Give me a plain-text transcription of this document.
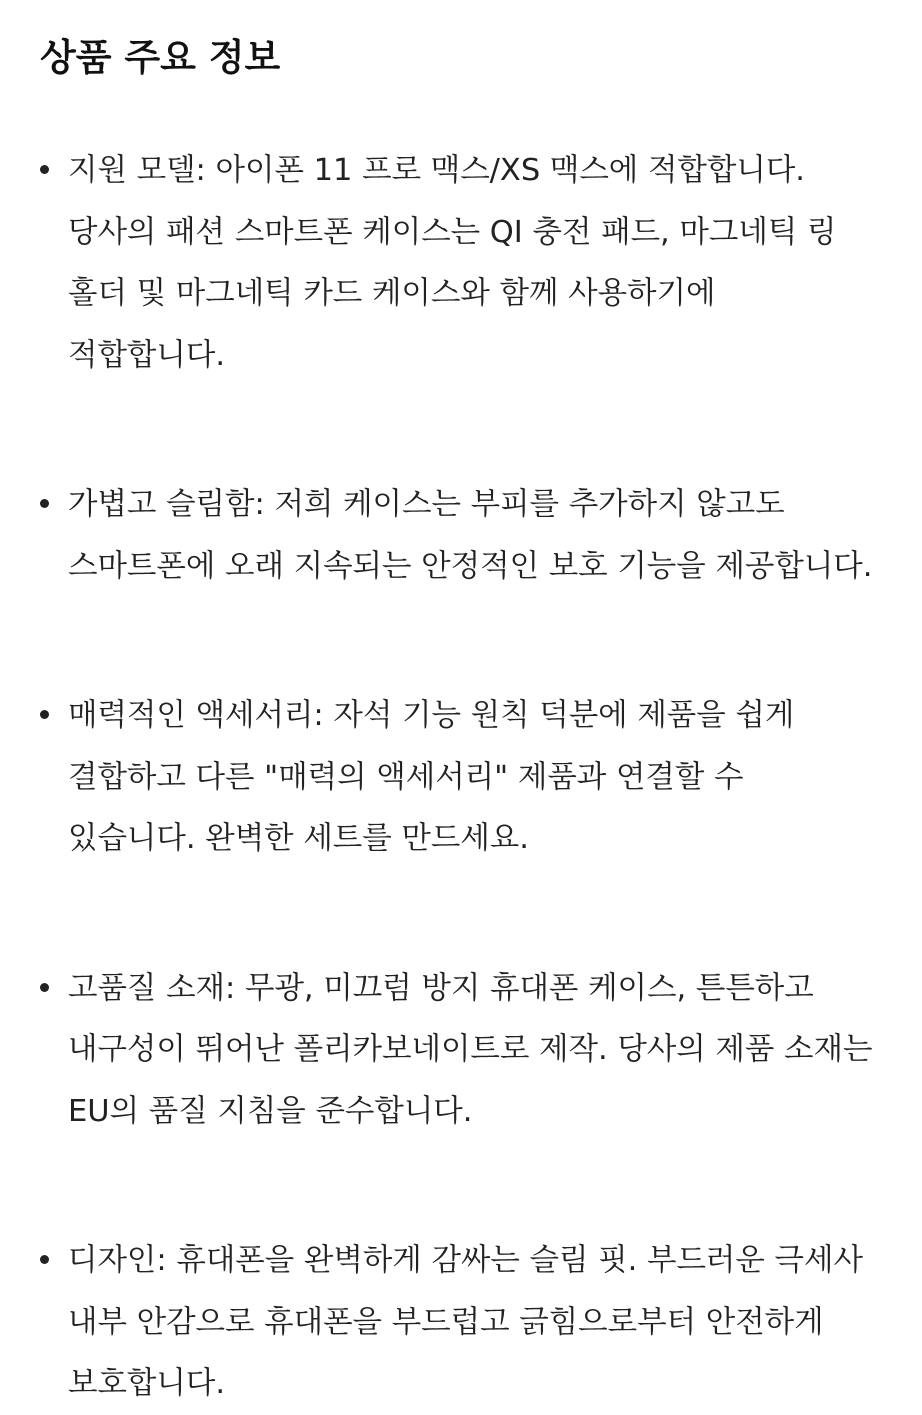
상품 주요 정보
지원 모델: 아이폰 11 프로 맥스/XS 맥스에 적합합니다. 당사의 패션 스마트폰 케이스는 QI 충전 패드, 마그네틱 링 홀더 및 마그네틱 카드 케이스와 함께 사용하기에 적합합니다.
가볍고 슬림함: 저희 케이스는 부피를 추가하지 않고도 스마트폰에 오래 지속되는 안정적인 보호 기능을 제공합니다.
매력적인 액세서리: 자석 기능 원칙 덕분에 제품을 쉽게 결합하고 다른 "매력의 액세서리" 제품과 연결할 수 있습니다. 완벽한 세트를 만드세요.
고품질 소재: 무광, 미끄럼 방지 휴대폰 케이스, 튼튼하고 내구성이 뛰어난 폴리카보네이트로 제작. 당사의 제품 소재는 EU의 품질 지침을 준수합니다.
디자인: 휴대폰을 완벽하게 감싸는 슬림 핏. 부드러운 극세사 내부 안감으로 휴대폰을 부드럽고 긁힘으로부터 안전하게 보호합니다.
